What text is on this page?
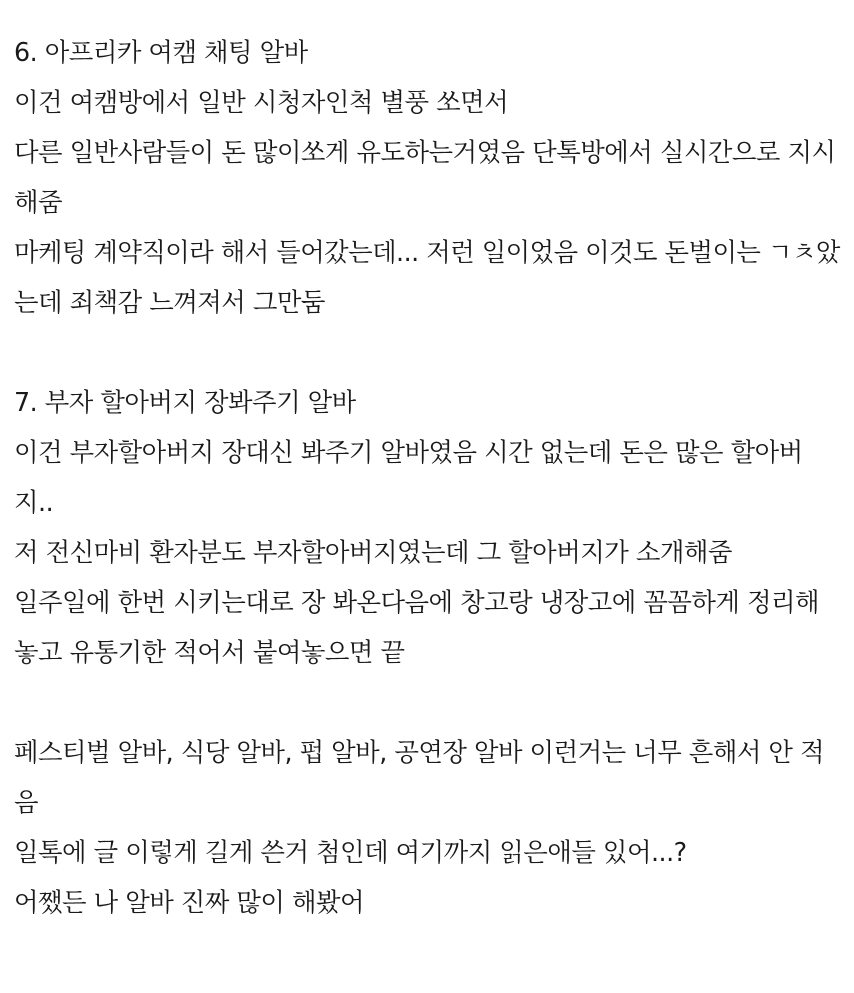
6. 아프리카 여캠 채팅 알바
이건 여캠방에서 일반 시청자인척 별풍 쏘면서
다른 일반사람들이 돈 많이쏘게 유도하는거였음 단톡방에서 실시간으로 지시
해줌
마케팅 계약직이라 해서 들어갔는데... 저런 일이었음 이것도 돈벌이는 ㄱㅊ았
는데 죄책감 느껴져서 그만둠
7. 부자 할아버지 장봐주기 알바
이건 부자할아버지 장대신 봐주기 알바였음 시간 없는데 돈은 많은 할아버
지..
저 전신마비 환자분도 부자할아버지였는데 그 할아버지가 소개해줌
일주일에 한번 시키는대로 장 봐온다음에 창고랑 냉장고에 꼼꼼하게 정리해
놓고 유통기한 적어서 붙여놓으면 끝
페스티벌 알바, 식당 알바, 펍 알바, 공연장 알바 이런거는 너무 흔해서 안 적
음
일톡에 글 이렇게 길게 쓴거 첨인데 여기까지 읽은애들 있어...?
어쨌든 나 알바 진짜 많이 해봤어
